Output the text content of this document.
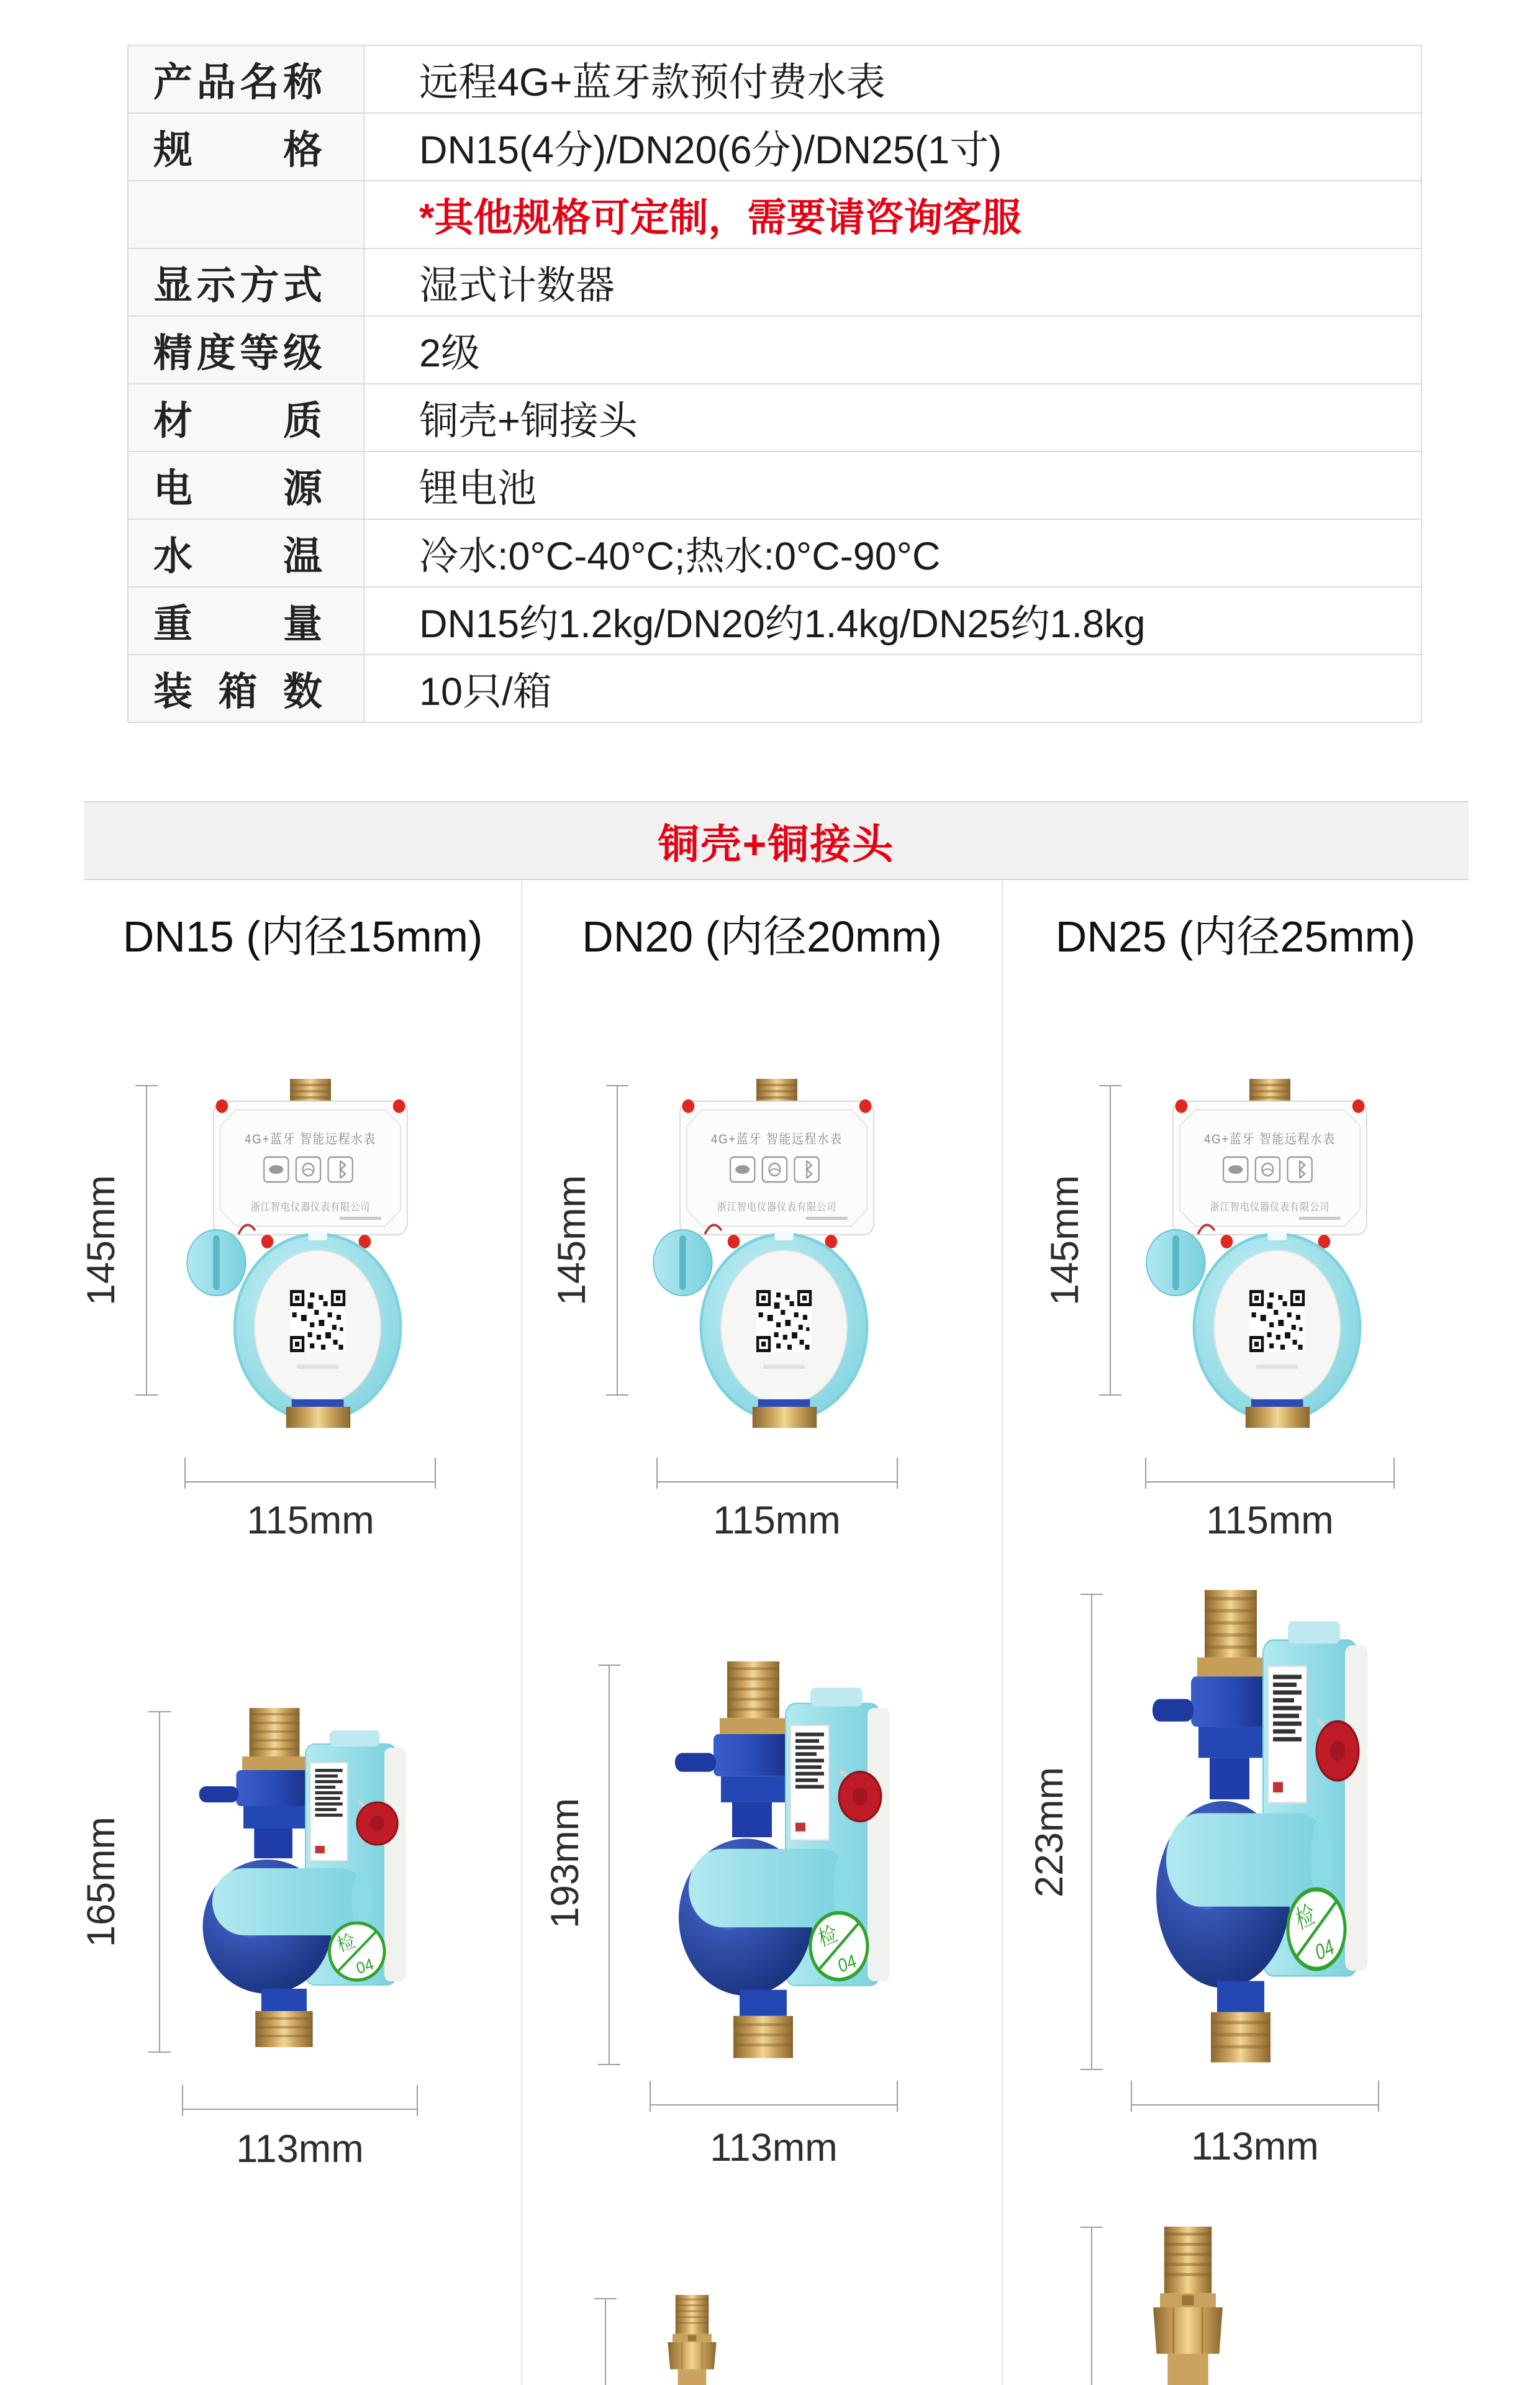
产品名称 远程4G+蓝牙款预付费水表
规 格 DN15(4分)/DN20(6分)/DN25(1寸)
*其他规格可定制，需要请咨询客服
显示方式 湿式计数器
精度等级 2级
材 质 铜壳+铜接头
电 源 锂电池
水 温 冷水:0°C-40°C;热水:0°C-90°C
重 量 DN15约1.2kg/DN20约1.4kg/DN25约1.8kg
装 箱 数 10只/箱
铜壳+铜接头
DN15 (内径15mm)	DN20 (内径20mm)	DN25 (内径25mm)
145mm	145mm	145mm
115mm	115mm	115mm
165mm	193mm	223mm
113mm	113mm	113mm
